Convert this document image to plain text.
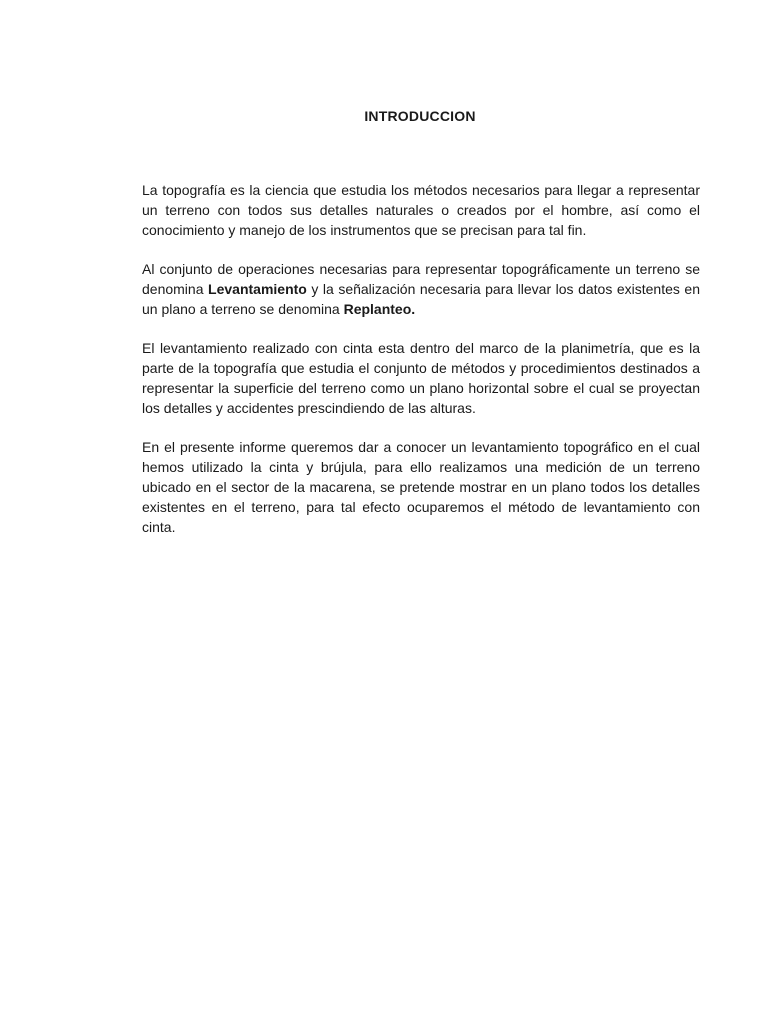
INTRODUCCION

La topografía es la ciencia que estudia los métodos necesarios para llegar a representar un terreno con todos sus detalles naturales o creados por el hombre, así como el conocimiento y manejo de los instrumentos que se precisan para tal fin.

Al conjunto de operaciones necesarias para representar topográficamente un terreno se denomina Levantamiento y la señalización necesaria para llevar los datos existentes en un plano a terreno se denomina Replanteo.

El levantamiento realizado con cinta esta dentro del marco de la planimetría, que es la parte de la topografía que estudia el conjunto de métodos y procedimientos destinados a representar la superficie del terreno como un plano horizontal sobre el cual se proyectan los detalles y accidentes prescindiendo de las alturas.

En el presente informe queremos dar a conocer un levantamiento topográfico en el cual hemos utilizado la cinta y brújula, para ello realizamos una medición de un terreno ubicado en el sector de la macarena, se pretende mostrar en un plano todos los detalles existentes en el terreno, para tal efecto ocuparemos el método de levantamiento con cinta.
